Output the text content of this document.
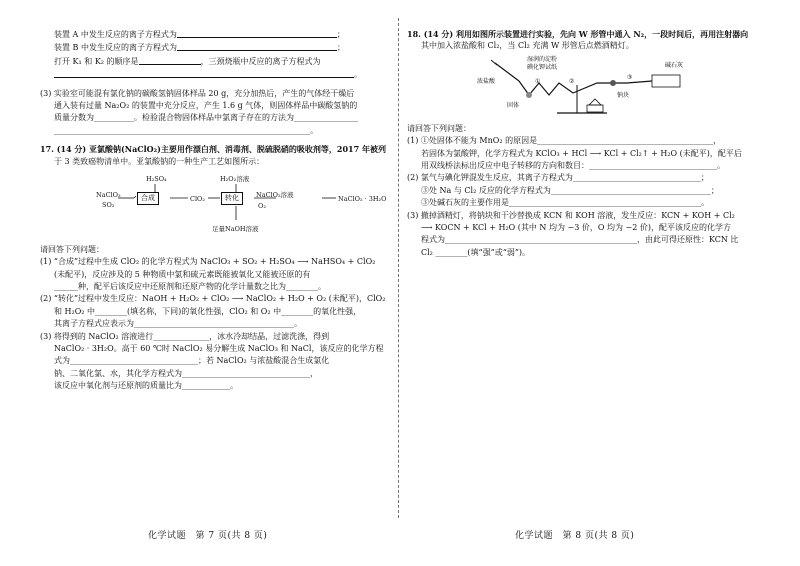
装置 A 中发生反应的离子方程式为	；
装置 B 中发生反应的离子方程式为	；
打开 K₁ 和 K₂ 的顺序是	，三颈烧瓶中反应的离子方程式为
。
(3) 实验室可能混有氯化钠的碳酸氢钠固体样品 20 g，充分加热后，产生的气体经干燥后
通入装有过量 Na₂O₂ 的装置中充分反应，产生 1.6 g 气体，则固体样品中碳酸氢钠的
质量分数为__________。检验混合物固体样品中氯离子存在的方法为________________
________________________________________________________________。
17. (14 分) 亚氯酸钠(NaClO₂)主要用作漂白剂、消毒剂、脱硫脱硝的吸收剂等，2017 年被列
于 3 类致癌物清单中。亚氯酸钠的一种生产工艺如图所示：
H₂SO₄	H₂O₂溶液
NaClO₃
SO₂
合成	ClO₂	转化	NaClO₂溶液
O₂
NaClO₂ · 3H₂O
足量NaOH溶液
请回答下列问题：
(1) “合成”过程中生成 ClO₂ 的化学方程式为 NaClO₃ + SO₂ + H₂SO₄ ⟶ NaHSO₄ + ClO₂
(未配平)，反应涉及的 5 种物质中氯和硫元素既能被氧化又能被还原的有
______种，配平后该反应中还原剂和还原产物的化学计量数之比为________。
(2) “转化”过程中发生反应：NaOH + H₂O₂ + ClO₂ ⟶ NaClO₂ + H₂O + O₂ (未配平)，ClO₂
和 H₂O₂ 中________(填名称，下同)的氧化性强，ClO₂ 和 O₂ 中________的氧化性强，
其离子方程式应表示为________________________________________。
(3) 将得到的 NaClO₂ 溶液进行______________，冰水冷却结晶，过滤洗涤，得到
NaClO₂ · 3H₂O。高于 60 ℃时 NaClO₂ 易分解生成 NaClO₃ 和 NaCl，该反应的化学方程
式为________________________________；若 NaClO₂ 与浓盐酸混合生成氯化
钠、二氧化氯、水，其化学方程式为________________________________，
该反应中氧化剂与还原剂的质量比为____________。
18. (14 分) 利用如图所示装置进行实验，先向 W 形管中通入 N₂，一段时间后，再用注射器向
其中加入浓盐酸和 Cl₂，当 Cl₂ 充满 W 形管后点燃酒精灯。
湿润的淀粉
碘化钾试纸
浓盐酸
固体
钠块
碱石灰
①	②
③
请回答下列问题：
(1) ①处固体不能为 MnO₂ 的原因是____________________________________________，
若固体为氯酸钾，化学方程式为 KClO₃ + HCl ⟶ KCl + Cl₂↑ + H₂O (未配平)，配平后
用双线桥法标出反应中电子转移的方向和数目：________________________________。
(2) 氯气与碘化钾混发生反应，其离子方程式为________________________________；
③处 Na 与 Cl₂ 反应的化学方程式为________________________________________；
③处碱石灰的主要作用是________________________________________________。
(3) 撤掉酒精灯，将钠块和干沙替换成 KCN 和 KOH 溶液，发生反应：KCN + KOH + Cl₂
⟶ KOCN + KCl + H₂O (其中 N 均为 −3 价，O 均为 −2 价)，配平该反应的化学方
程式为________________________________________________，由此可得还原性：KCN 比
Cl₂ ________(填“强”或“弱”)。
化学试题　第 7 页(共 8 页)	化学试题　第 8 页(共 8 页)
